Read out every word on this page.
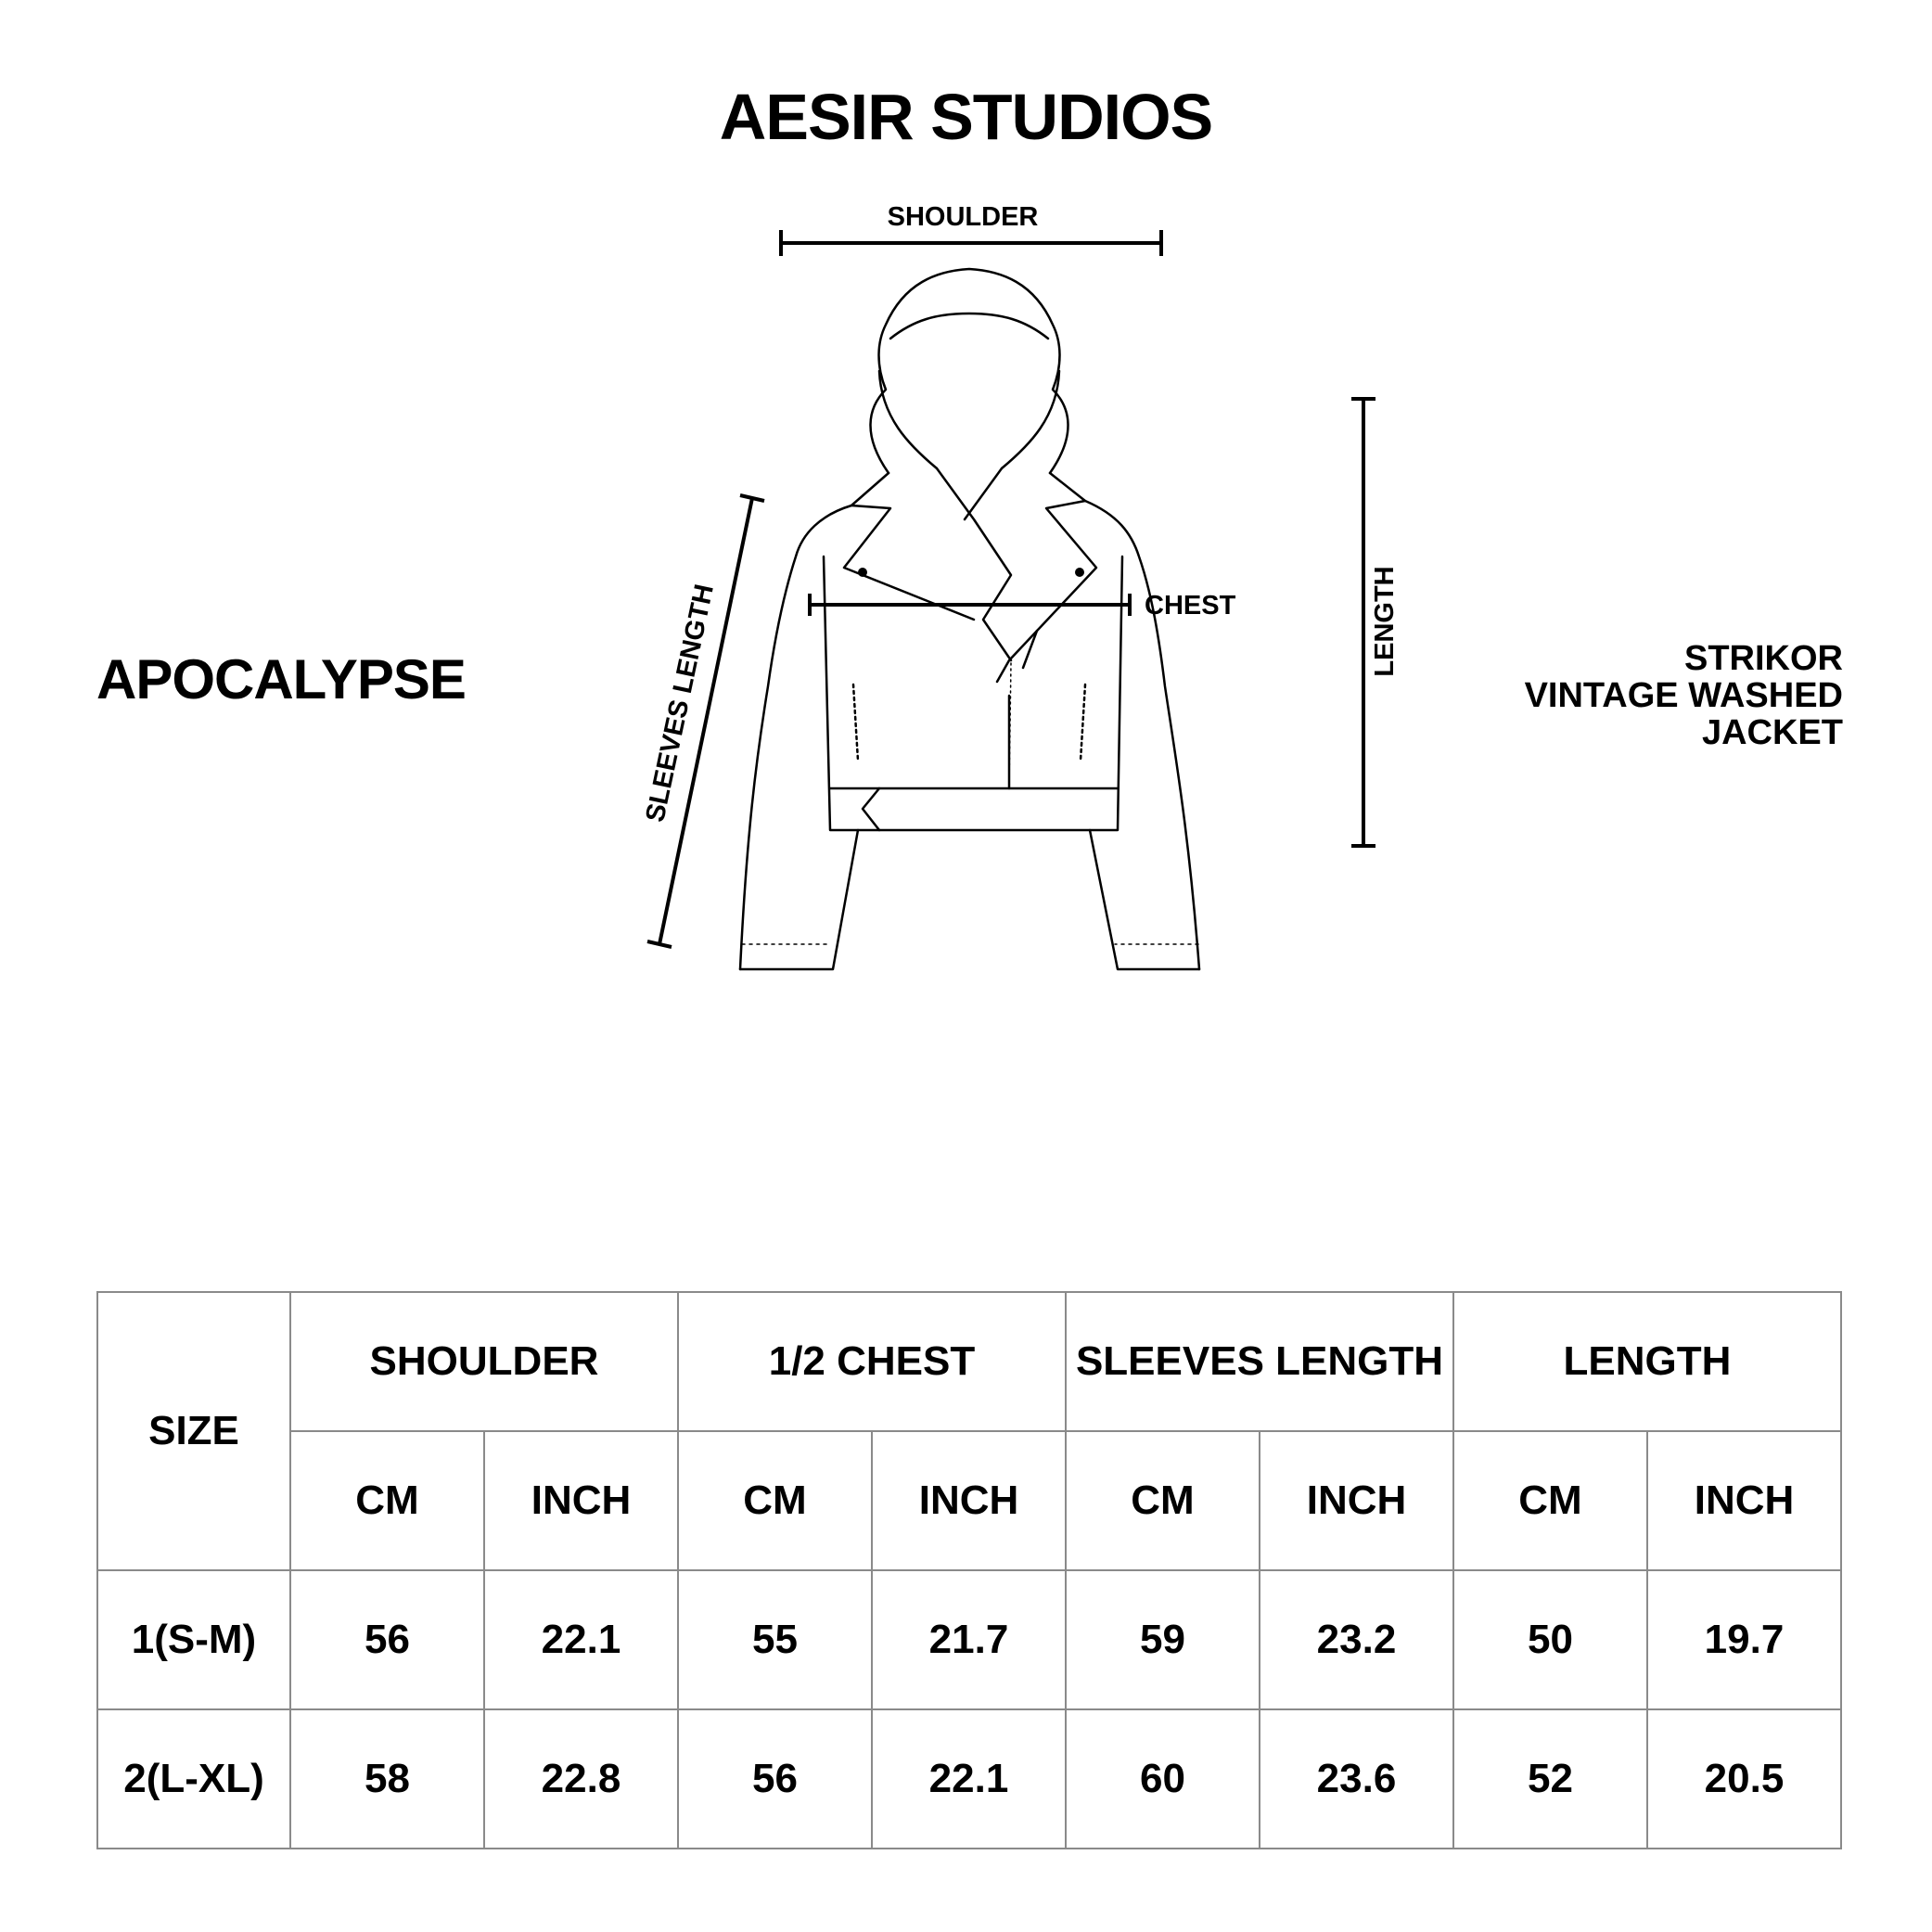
AESIR STUDIOS
APOCALYPSE	STRIKOR
VINTAGE WASHED
JACKET
SHOULDER
CHEST	LENGTH
SLEEVES LENGTH
SIZE	SHOULDER		1/2 CHEST		SLEEVES LENGTH		LENGTH	
	CM	INCH	CM	INCH	CM	INCH	CM	INCH
1(S-M)	56	22.1	55	21.7	59	23.2	50	19.7
2(L-XL)	58	22.8	56	22.1	60	23.6	52	20.5
